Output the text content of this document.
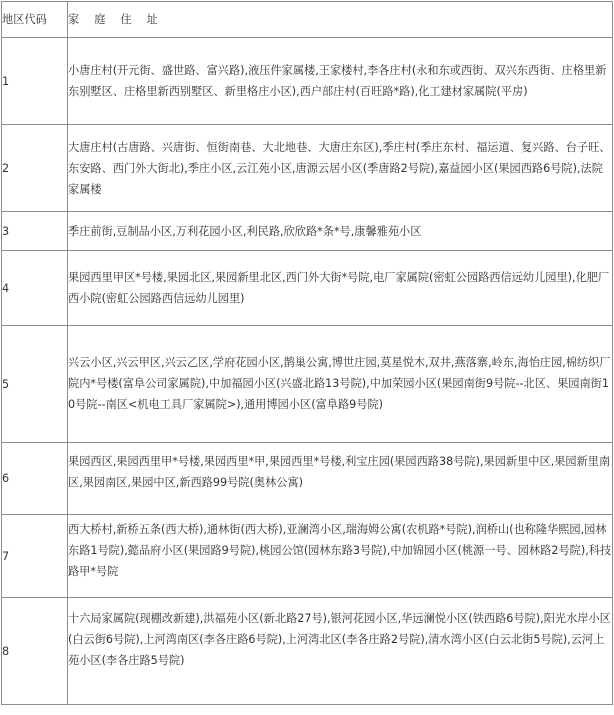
地区代码	家庭住址
1	小唐庄村(开元街、盛世路、富兴路),液压件家属楼,王家楼村,李各庄村(永和东或西街、双兴东西街、庄格里新东别墅区、庄格里新西别墅区、新里格庄小区),西户部庄村(百旺路*路),化工建材家属院(平房)
2	大唐庄村(古唐路、兴唐街、恒街南巷、大北地巷、大唐庄东区),季庄村(季庄东村、福运道、复兴路、台子旺、东安路、西门外大街北),季庄小区,云江苑小区,唐源云居小区(季唐路2号院),嘉益园小区(果园西路6号院),法院家属楼
3	季庄前街,豆制品小区,万利花园小区,利民路,欣欣路*条*号,康馨雅苑小区
4	果园西里甲区*号楼,果园北区,果园新里北区,西门外大街*号院,电厂家属院(密虹公园路西信远幼儿园里),化肥厂西小院(密虹公园路西信远幼儿园里)
5	兴云小区,兴云甲区,兴云乙区,学府花园小区,鹊巢公寓,博世庄园,莫星悦木,双井,燕落寨,岭东,海怡庄园,棉纺织厂院内*号楼(富阜公司家属院),中加福园小区(兴盛北路13号院),中加荣园小区(果园南街9号院--北区、果园南街10号院--南区<机电工具厂家属院>),通用博园小区(富阜路9号院)
6	果园西区,果园西里甲*号楼,果园西里*甲,果园西里*号楼,利宝庄园(果园西路38号院),果园新里中区,果园新里南区,果园南区,果园中区,新西路99号院(奥林公寓)
7	西大桥村,新桥五条(西大桥),通林街(西大桥),亚澜湾小区,瑞海姆公寓(农机路*号院),润桥山(也称隆华熙园,园林东路1号院),懿品府小区(果园路9号院),桃园公馆(园林东路3号院),中加锦园小区(桃源一号、园林路2号院),科技路甲*号院
8	十六局家属院(现棚改新建),洪福苑小区(新北路27号),银河花园小区,华远澜悦小区(铁西路6号院),阳光水岸小区(白云街6号院),上河湾南区(李各庄路6号院),上河湾北区(李各庄路2号院),清水湾小区(白云北街5号院),云河上苑小区(李各庄路5号院)
